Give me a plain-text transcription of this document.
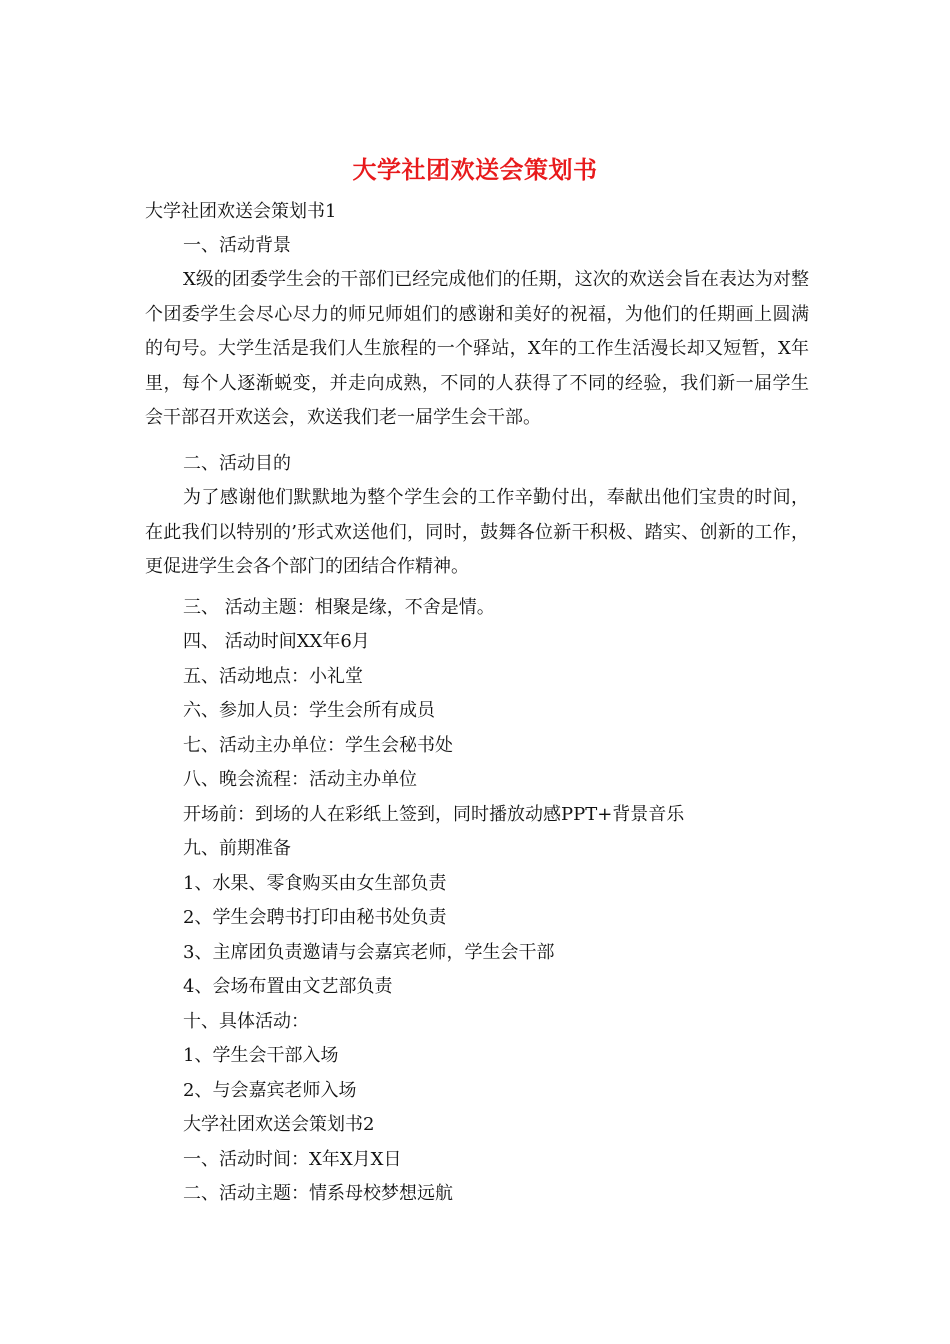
大学社团欢送会策划书
大学社团欢送会策划书1
一、活动背景
X级的团委学生会的干部们已经完成他们的任期，这次的欢送会旨在表达为对整个团委学生会尽心尽力的师兄师姐们的感谢和美好的祝福，为他们的任期画上圆满的句号。大学生活是我们人生旅程的一个驿站，X年的工作生活漫长却又短暂，X年里，每个人逐渐蜕变，并走向成熟，不同的人获得了不同的经验，我们新一届学生会干部召开欢送会，欢送我们老一届学生会干部。
二、活动目的
为了感谢他们默默地为整个学生会的工作辛勤付出，奉献出他们宝贵的时间，在此我们以特别的’形式欢送他们，同时，鼓舞各位新干积极、踏实、创新的工作，更促进学生会各个部门的团结合作精神。
三、 活动主题：相聚是缘，不舍是情。
四、 活动时间XX年6月
五、活动地点：小礼堂
六、参加人员：学生会所有成员
七、活动主办单位：学生会秘书处
八、晚会流程：活动主办单位
开场前：到场的人在彩纸上签到，同时播放动感PPT+背景音乐
九、前期准备
1、水果、零食购买由女生部负责
2、学生会聘书打印由秘书处负责
3、主席团负责邀请与会嘉宾老师，学生会干部
4、会场布置由文艺部负责
十、具体活动：
1、学生会干部入场
2、与会嘉宾老师入场
大学社团欢送会策划书2
一、活动时间：X年X月X日
二、活动主题：情系母校梦想远航
